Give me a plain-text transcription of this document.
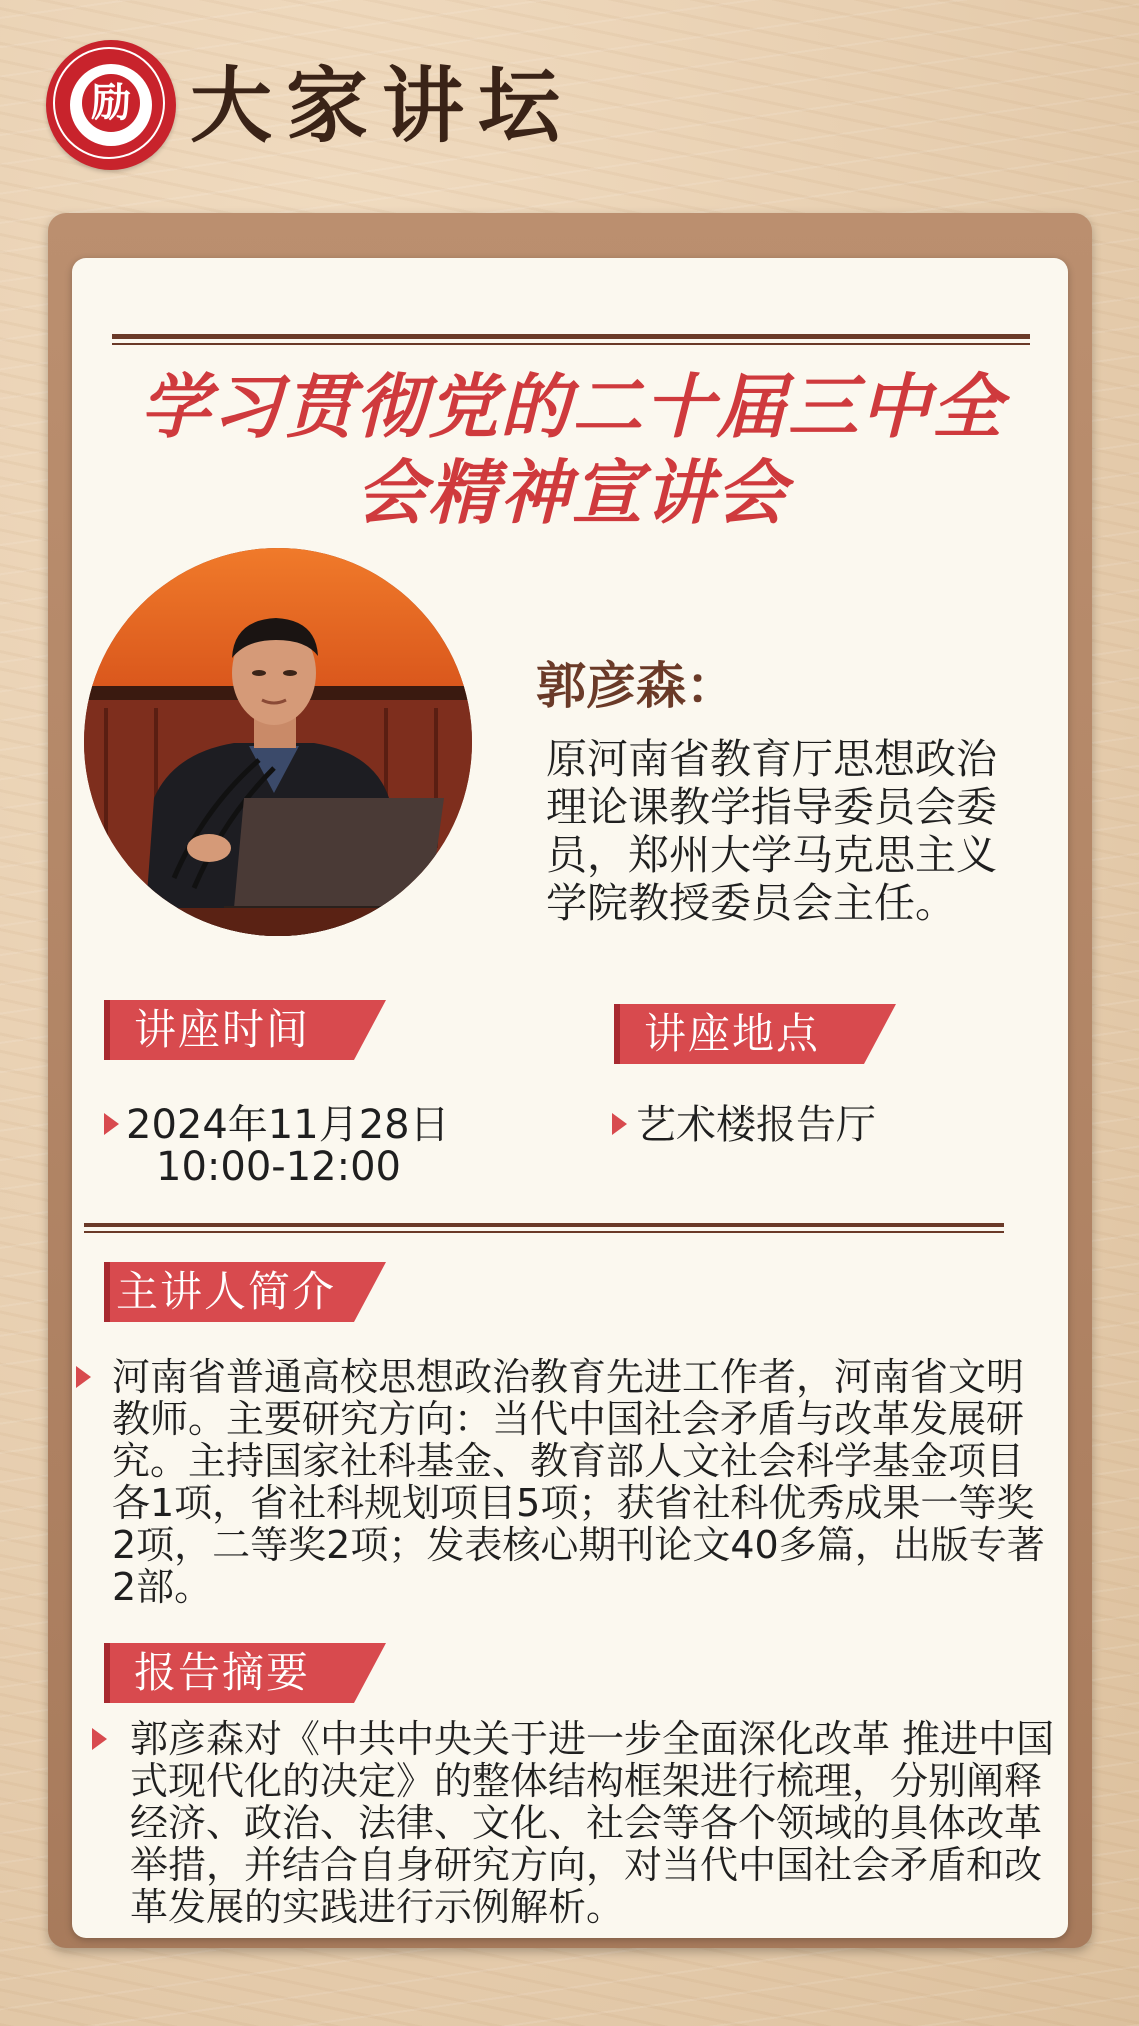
励 大家讲坛
学习贯彻党的二十届三中全
会精神宣讲会
郭彦森：
原河南省教育厅思想政治理论课教学指导委员会委员，郑州大学马克思主义学院教授委员会主任。
讲座时间	讲座地点
2024年11月28日
10:00-12:00
艺术楼报告厅
主讲人简介
河南省普通高校思想政治教育先进工作者，河南省文明教师。主要研究方向：当代中国社会矛盾与改革发展研究。主持国家社科基金、教育部人文社会科学基金项目各1项，省社科规划项目5项；获省社科优秀成果一等奖2项，二等奖2项；发表核心期刊论文40多篇，出版专著2部。
报告摘要
郭彦森对《中共中央关于进一步全面深化改革 推进中国式现代化的决定》的整体结构框架进行梳理，分别阐释经济、政治、法律、文化、社会等各个领域的具体改革举措，并结合自身研究方向，对当代中国社会矛盾和改革发展的实践进行示例解析。
